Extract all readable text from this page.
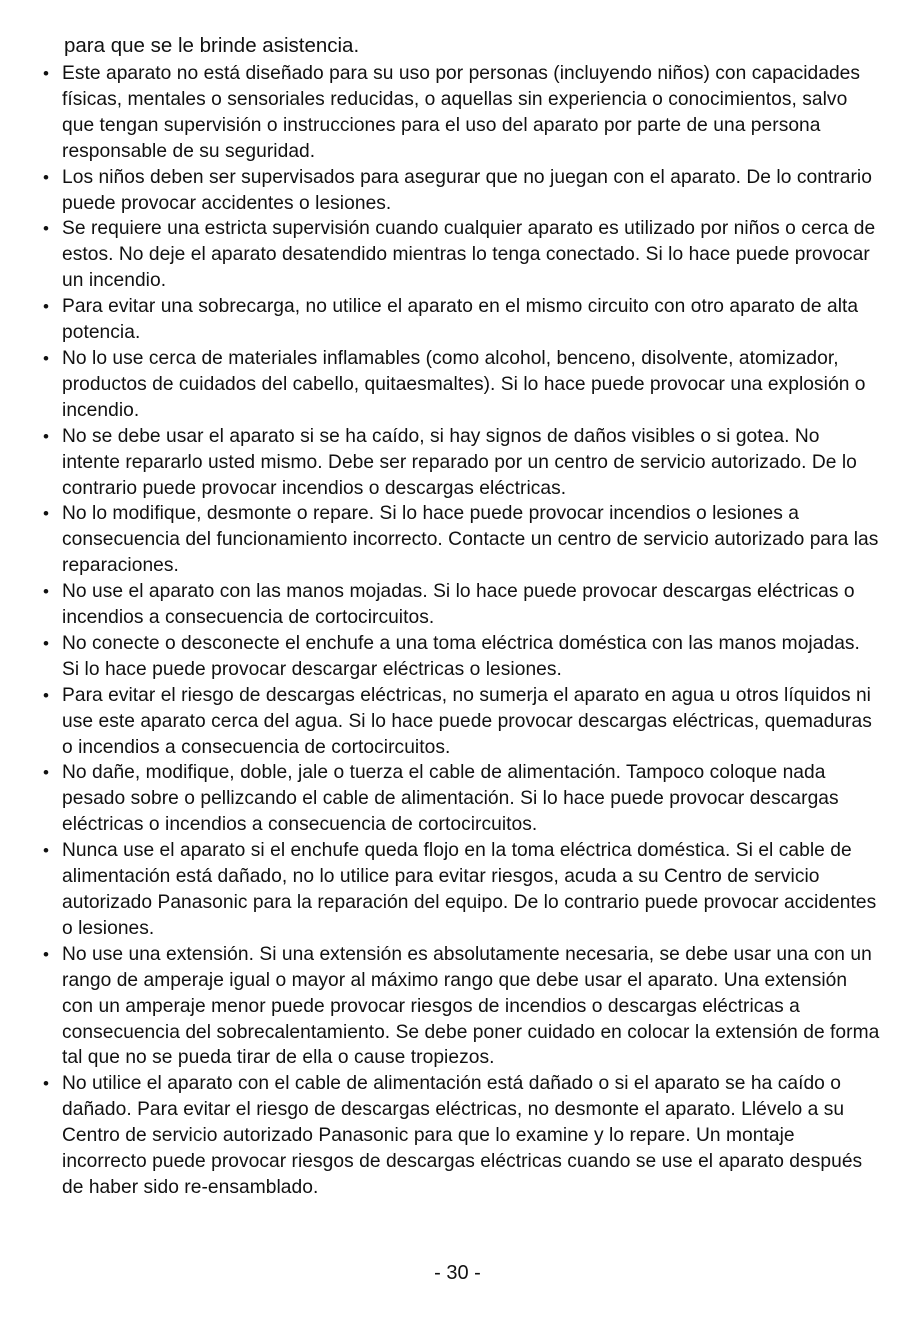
para que se le brinde asistencia.

• Este aparato no está diseñado para su uso por personas (incluyendo niños) con capacidades físicas, mentales o sensoriales reducidas, o aquellas sin experiencia o conocimientos, salvo que tengan supervisión o instrucciones para el uso del aparato por parte de una persona responsable de su seguridad.
• Los niños deben ser supervisados para asegurar que no juegan con el aparato. De lo contrario puede provocar accidentes o lesiones.
• Se requiere una estricta supervisión cuando cualquier aparato es utilizado por niños o cerca de estos. No deje el aparato desatendido mientras lo tenga conectado. Si lo hace puede provocar un incendio.
• Para evitar una sobrecarga, no utilice el aparato en el mismo circuito con otro aparato de alta potencia.
• No lo use cerca de materiales inflamables (como alcohol, benceno, disolvente, atomizador, productos de cuidados del cabello, quitaesmaltes). Si lo hace puede provocar una explosión o incendio.
• No se debe usar el aparato si se ha caído, si hay signos de daños visibles o si gotea. No intente repararlo usted mismo. Debe ser reparado por un centro de servicio autorizado. De lo contrario puede provocar incendios o descargas eléctricas.
• No lo modifique, desmonte o repare. Si lo hace puede provocar incendios o lesiones a consecuencia del funcionamiento incorrecto. Contacte un centro de servicio autorizado para las reparaciones.
• No use el aparato con las manos mojadas. Si lo hace puede provocar descargas eléctricas o incendios a consecuencia de cortocircuitos.
• No conecte o desconecte el enchufe a una toma eléctrica doméstica con las manos mojadas. Si lo hace puede provocar descargar eléctricas o lesiones.
• Para evitar el riesgo de descargas eléctricas, no sumerja el aparato en agua u otros líquidos ni use este aparato cerca del agua. Si lo hace puede provocar descargas eléctricas, quemaduras o incendios a consecuencia de cortocircuitos.
• No dañe, modifique, doble, jale o tuerza el cable de alimentación. Tampoco coloque nada pesado sobre o pellizcando el cable de alimentación. Si lo hace puede provocar descargas eléctricas o incendios a consecuencia de cortocircuitos.
• Nunca use el aparato si el enchufe queda flojo en la toma eléctrica doméstica. Si el cable de alimentación está dañado, no lo utilice para evitar riesgos, acuda a su Centro de servicio autorizado Panasonic para la reparación del equipo. De lo contrario puede provocar accidentes o lesiones.
• No use una extensión. Si una extensión es absolutamente necesaria, se debe usar una con un rango de amperaje igual o mayor al máximo rango que debe usar el aparato. Una extensión con un amperaje menor puede provocar riesgos de incendios o descargas eléctricas a consecuencia del sobrecalentamiento. Se debe poner cuidado en colocar la extensión de forma tal que no se pueda tirar de ella o cause tropiezos.
• No utilice el aparato con el cable de alimentación está dañado o si el aparato se ha caído o dañado. Para evitar el riesgo de descargas eléctricas, no desmonte el aparato. Llévelo a su Centro de servicio autorizado Panasonic para que lo examine y lo repare. Un montaje incorrecto puede provocar riesgos de descargas eléctricas cuando se use el aparato después de haber sido re-ensamblado.
- 30 -
